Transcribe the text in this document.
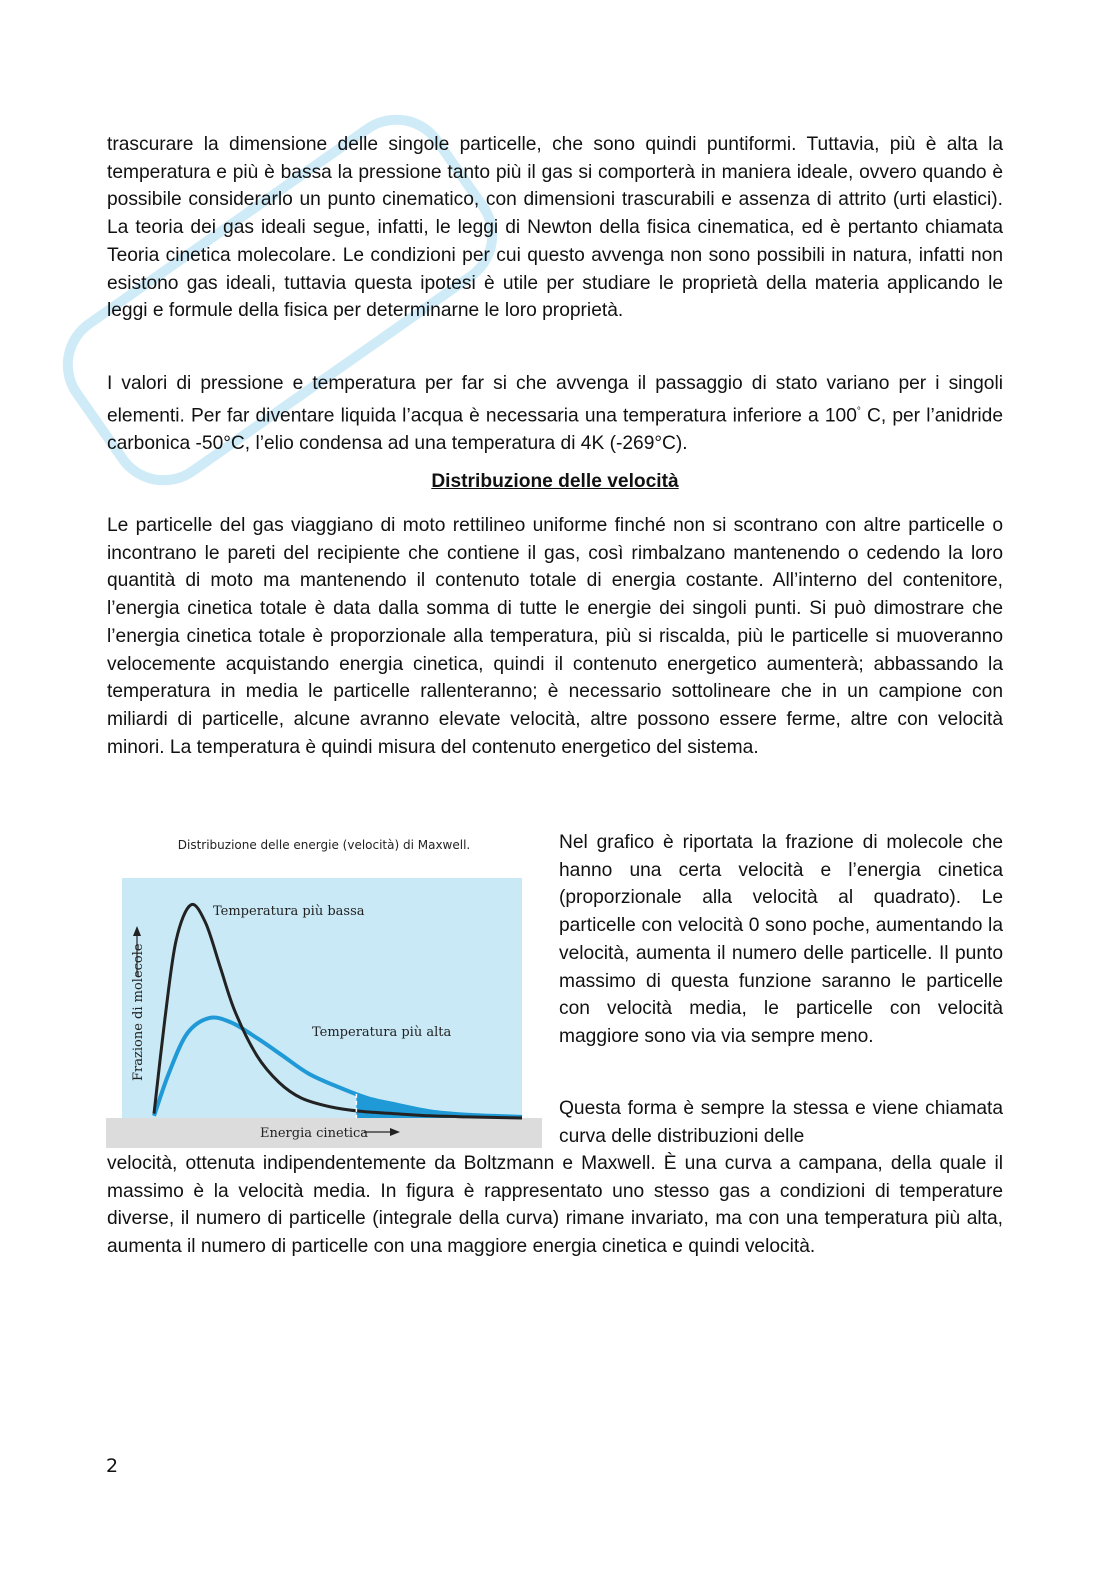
trascurare la dimensione delle singole particelle, che sono quindi puntiformi. Tuttavia, più è alta la temperatura e più è bassa la pressione tanto più il gas si comporterà in maniera ideale, ovvero quando è possibile considerarlo un punto cinematico, con dimensioni trascurabili e assenza di attrito (urti elastici). La teoria dei gas ideali segue, infatti, le leggi di Newton della fisica cinematica, ed è pertanto chiamata Teoria cinetica molecolare. Le condizioni per cui questo avvenga non sono possibili in natura, infatti non esistono gas ideali, tuttavia questa ipotesi è utile per studiare le proprietà della materia applicando le leggi e formule della fisica per determinarne le loro proprietà.

I valori di pressione e temperatura per far si che avvenga il passaggio di stato variano per i singoli elementi. Per far diventare liquida l’acqua è necessaria una temperatura inferiore a 100° C, per l’anidride carbonica -50°C, l’elio condensa ad una temperatura di 4K (-269°C).

Distribuzione delle velocità

Le particelle del gas viaggiano di moto rettilineo uniforme finché non si scontrano con altre particelle o incontrano le pareti del recipiente che contiene il gas, così rimbalzano mantenendo o cedendo la loro quantità di moto ma mantenendo il contenuto totale di energia costante. All’interno del contenitore, l’energia cinetica totale è data dalla somma di tutte le energie dei singoli punti. Si può dimostrare che l’energia cinetica totale è proporzionale alla temperatura, più si riscalda, più le particelle si muoveranno velocemente acquistando energia cinetica, quindi il contenuto energetico aumenterà; abbassando la temperatura in media le particelle rallenteranno; è necessario sottolineare che in un campione con miliardi di particelle, alcune avranno elevate velocità, altre possono essere ferme, altre con velocità minori. La temperatura è quindi misura del contenuto energetico del sistema.

Distribuzione delle energie (velocità) di Maxwell.
Temperatura più bassa
Temperatura più alta
Frazione di molecole
Energia cinetica

Nel grafico è riportata la frazione di molecole che hanno una certa velocità e l’energia cinetica (proporzionale alla velocità al quadrato). Le particelle con velocità 0 sono poche, aumentando la velocità, aumenta il numero delle particelle. Il punto massimo di questa funzione saranno le particelle con velocità media, le particelle con velocità maggiore sono via via sempre meno.

Questa forma è sempre la stessa e viene chiamata curva delle distribuzioni delle

velocità, ottenuta indipendentemente da Boltzmann e Maxwell. È una curva a campana, della quale il massimo è la velocità media. In figura è rappresentato uno stesso gas a condizioni di temperature diverse, il numero di particelle (integrale della curva) rimane invariato, ma con una temperatura più alta, aumenta il numero di particelle con una maggiore energia cinetica e quindi velocità.

2
